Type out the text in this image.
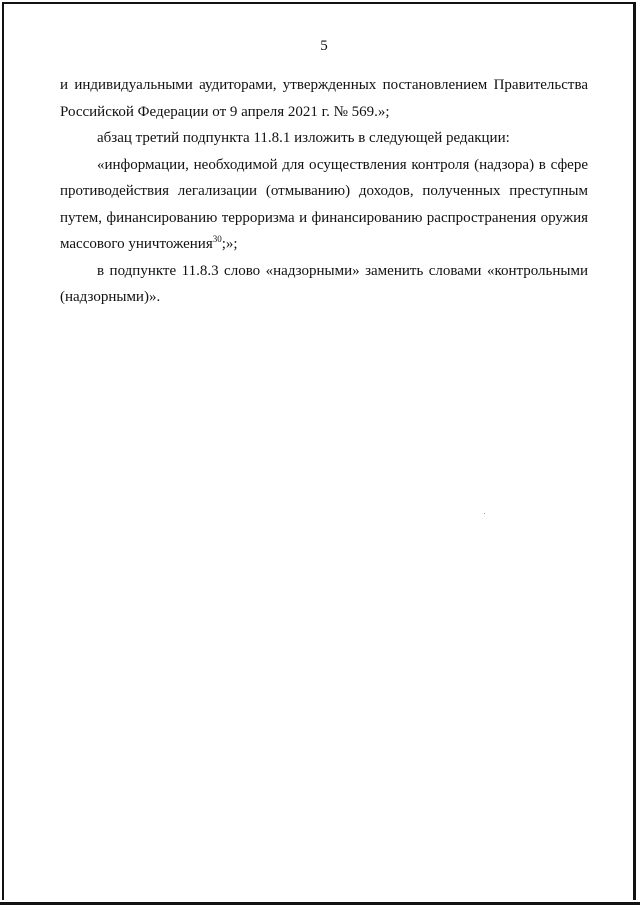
5

и индивидуальными аудиторами, утвержденных постановлением Правительства Российской Федерации от 9 апреля 2021 г. № 569.»;

абзац третий подпункта 11.8.1 изложить в следующей редакции:

«информации, необходимой для осуществления контроля (надзора) в сфере противодействия легализации (отмыванию) доходов, полученных преступным путем, финансированию терроризма и финансированию распространения оружия массового уничтожения$^{30}$;»;

в подпункте 11.8.3 слово «надзорными» заменить словами «контрольными (надзорными)».
